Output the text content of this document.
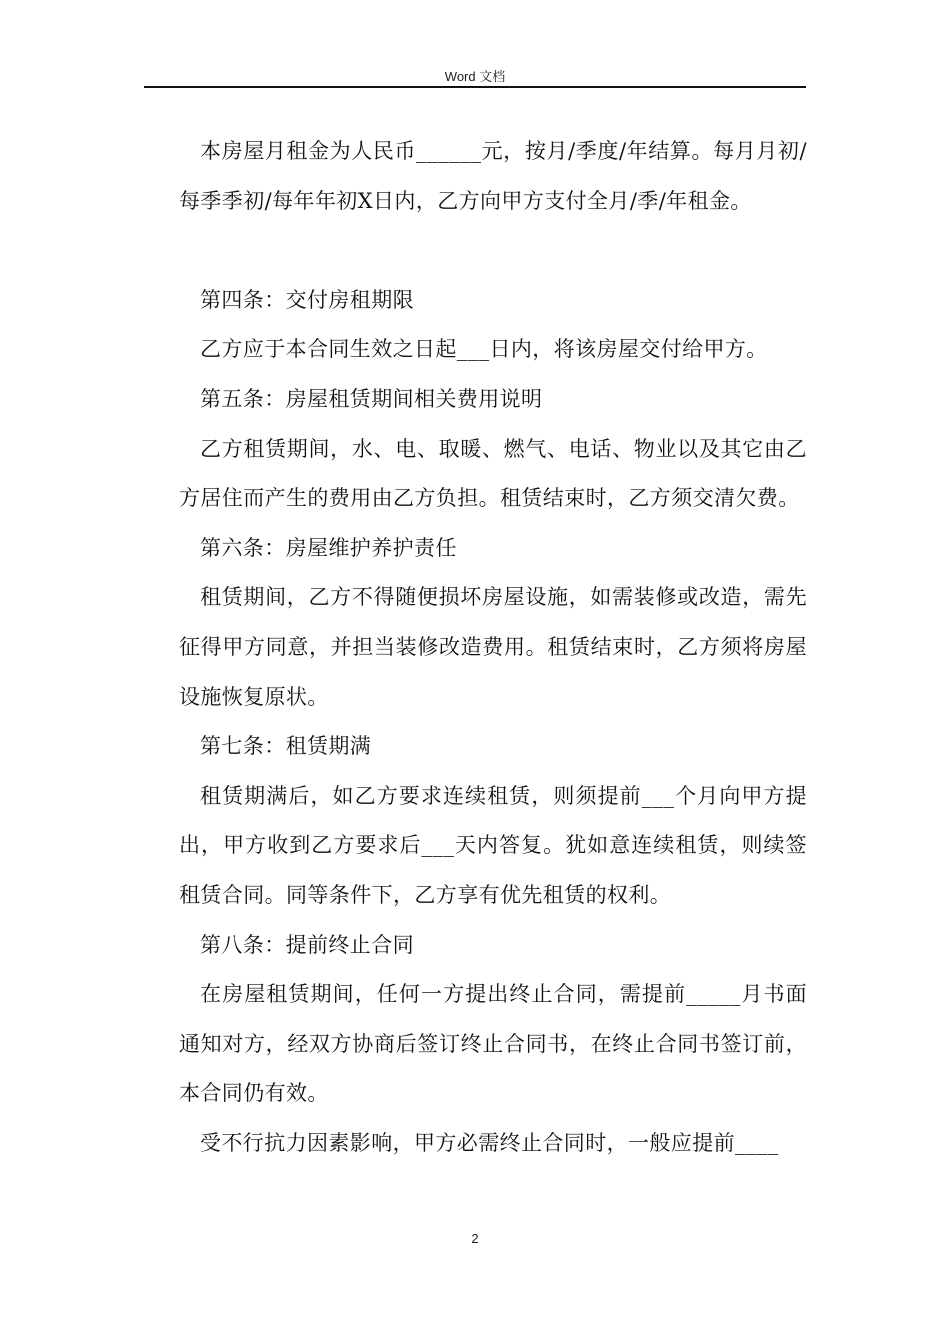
Word 文档

本房屋月租金为人民币______元，按月/季度/年结算。每月月初/每季季初/每年年初X日内，乙方向甲方支付全月/季/年租金。

第四条：交付房租期限

乙方应于本合同生效之日起___日内，将该房屋交付给甲方。

第五条：房屋租赁期间相关费用说明

乙方租赁期间，水、电、取暖、燃气、电话、物业以及其它由乙方居住而产生的费用由乙方负担。租赁结束时，乙方须交清欠费。

第六条：房屋维护养护责任

租赁期间，乙方不得随便损坏房屋设施，如需装修或改造，需先征得甲方同意，并担当装修改造费用。租赁结束时，乙方须将房屋设施恢复原状。

第七条：租赁期满

租赁期满后，如乙方要求连续租赁，则须提前___个月向甲方提出，甲方收到乙方要求后___天内答复。犹如意连续租赁，则续签租赁合同。同等条件下，乙方享有优先租赁的权利。

第八条：提前终止合同

在房屋租赁期间，任何一方提出终止合同，需提前_____月书面通知对方，经双方协商后签订终止合同书，在终止合同书签订前，本合同仍有效。

受不行抗力因素影响，甲方必需终止合同时，一般应提前____

2
